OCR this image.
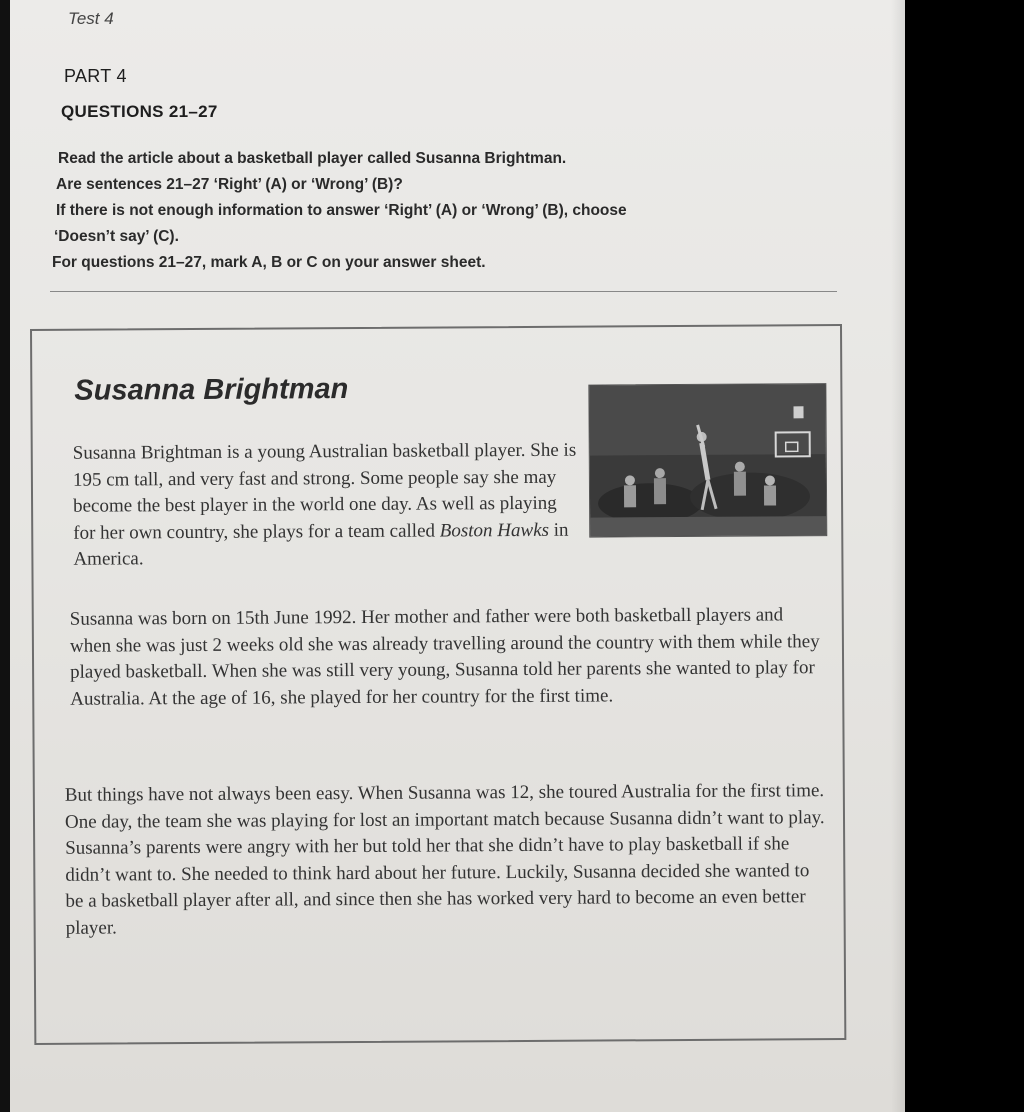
Test 4
PART 4
QUESTIONS 21–27

Read the article about a basketball player called Susanna Brightman.

Are sentences 21–27 ‘Right’ (A) or ‘Wrong’ (B)?

If there is not enough information to answer ‘Right’ (A) or ‘Wrong’ (B), choose

‘Doesn’t say’ (C).

For questions 21–27, mark A, B or C on your answer sheet.

Susanna Brightman

Susanna Brightman is a young Australian basketball player. She is 195 cm tall, and very fast and strong. Some people say she may become the best player in the world one day. As well as playing for her own country, she plays for a team called Boston Hawks in America.

Susanna was born on 15th June 1992. Her mother and father were both basketball players and when she was just 2 weeks old she was already travelling around the country with them while they played basketball. When she was still very young, Susanna told her parents she wanted to play for Australia. At the age of 16, she played for her country for the first time.

But things have not always been easy. When Susanna was 12, she toured Australia for the first time. One day, the team she was playing for lost an important match because Susanna didn’t want to play. Susanna’s parents were angry with her but told her that she didn’t have to play basketball if she didn’t want to. She needed to think hard about her future. Luckily, Susanna decided she wanted to be a basketball player after all, and since then she has worked very hard to become an even better player.
